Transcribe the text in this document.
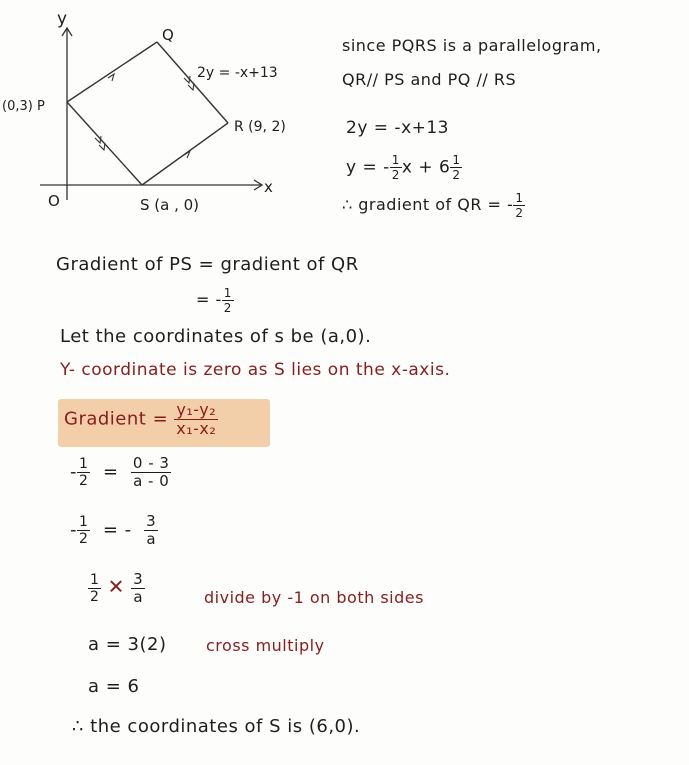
y
x
O
(0,3) P
Q
R (9, 2)
S (a , 0)
2y = -x+13
since PQRS is a parallelogram,
QR// PS and PQ // RS
2y = -x+13
y = - $\frac{1}{2}$ $x + 6 \frac{1}{2}$
∴ gradient of QR = - $\frac{1}{2}$
Gradient of PS = gradient of QR
= - $\frac{1}{2}$
Let the coordinates of s be (a,0).
Y- coordinate is zero as S lies on the x-axis.
Gradient = $\frac{\text{y₁-y₂}}{\text{x₁-x₂}}$
- $\frac{1}{2} = \frac{0 - 3}{a - 0}$
- $\frac{1}{2}$ = - $\frac{3}{a}$
$\frac{1}{2}$ ✕ $\frac{3}{a}$	divide by -1 on both sides
a = 3(2) cross multiply
a = 6
∴ the coordinates of S is (6,0).
